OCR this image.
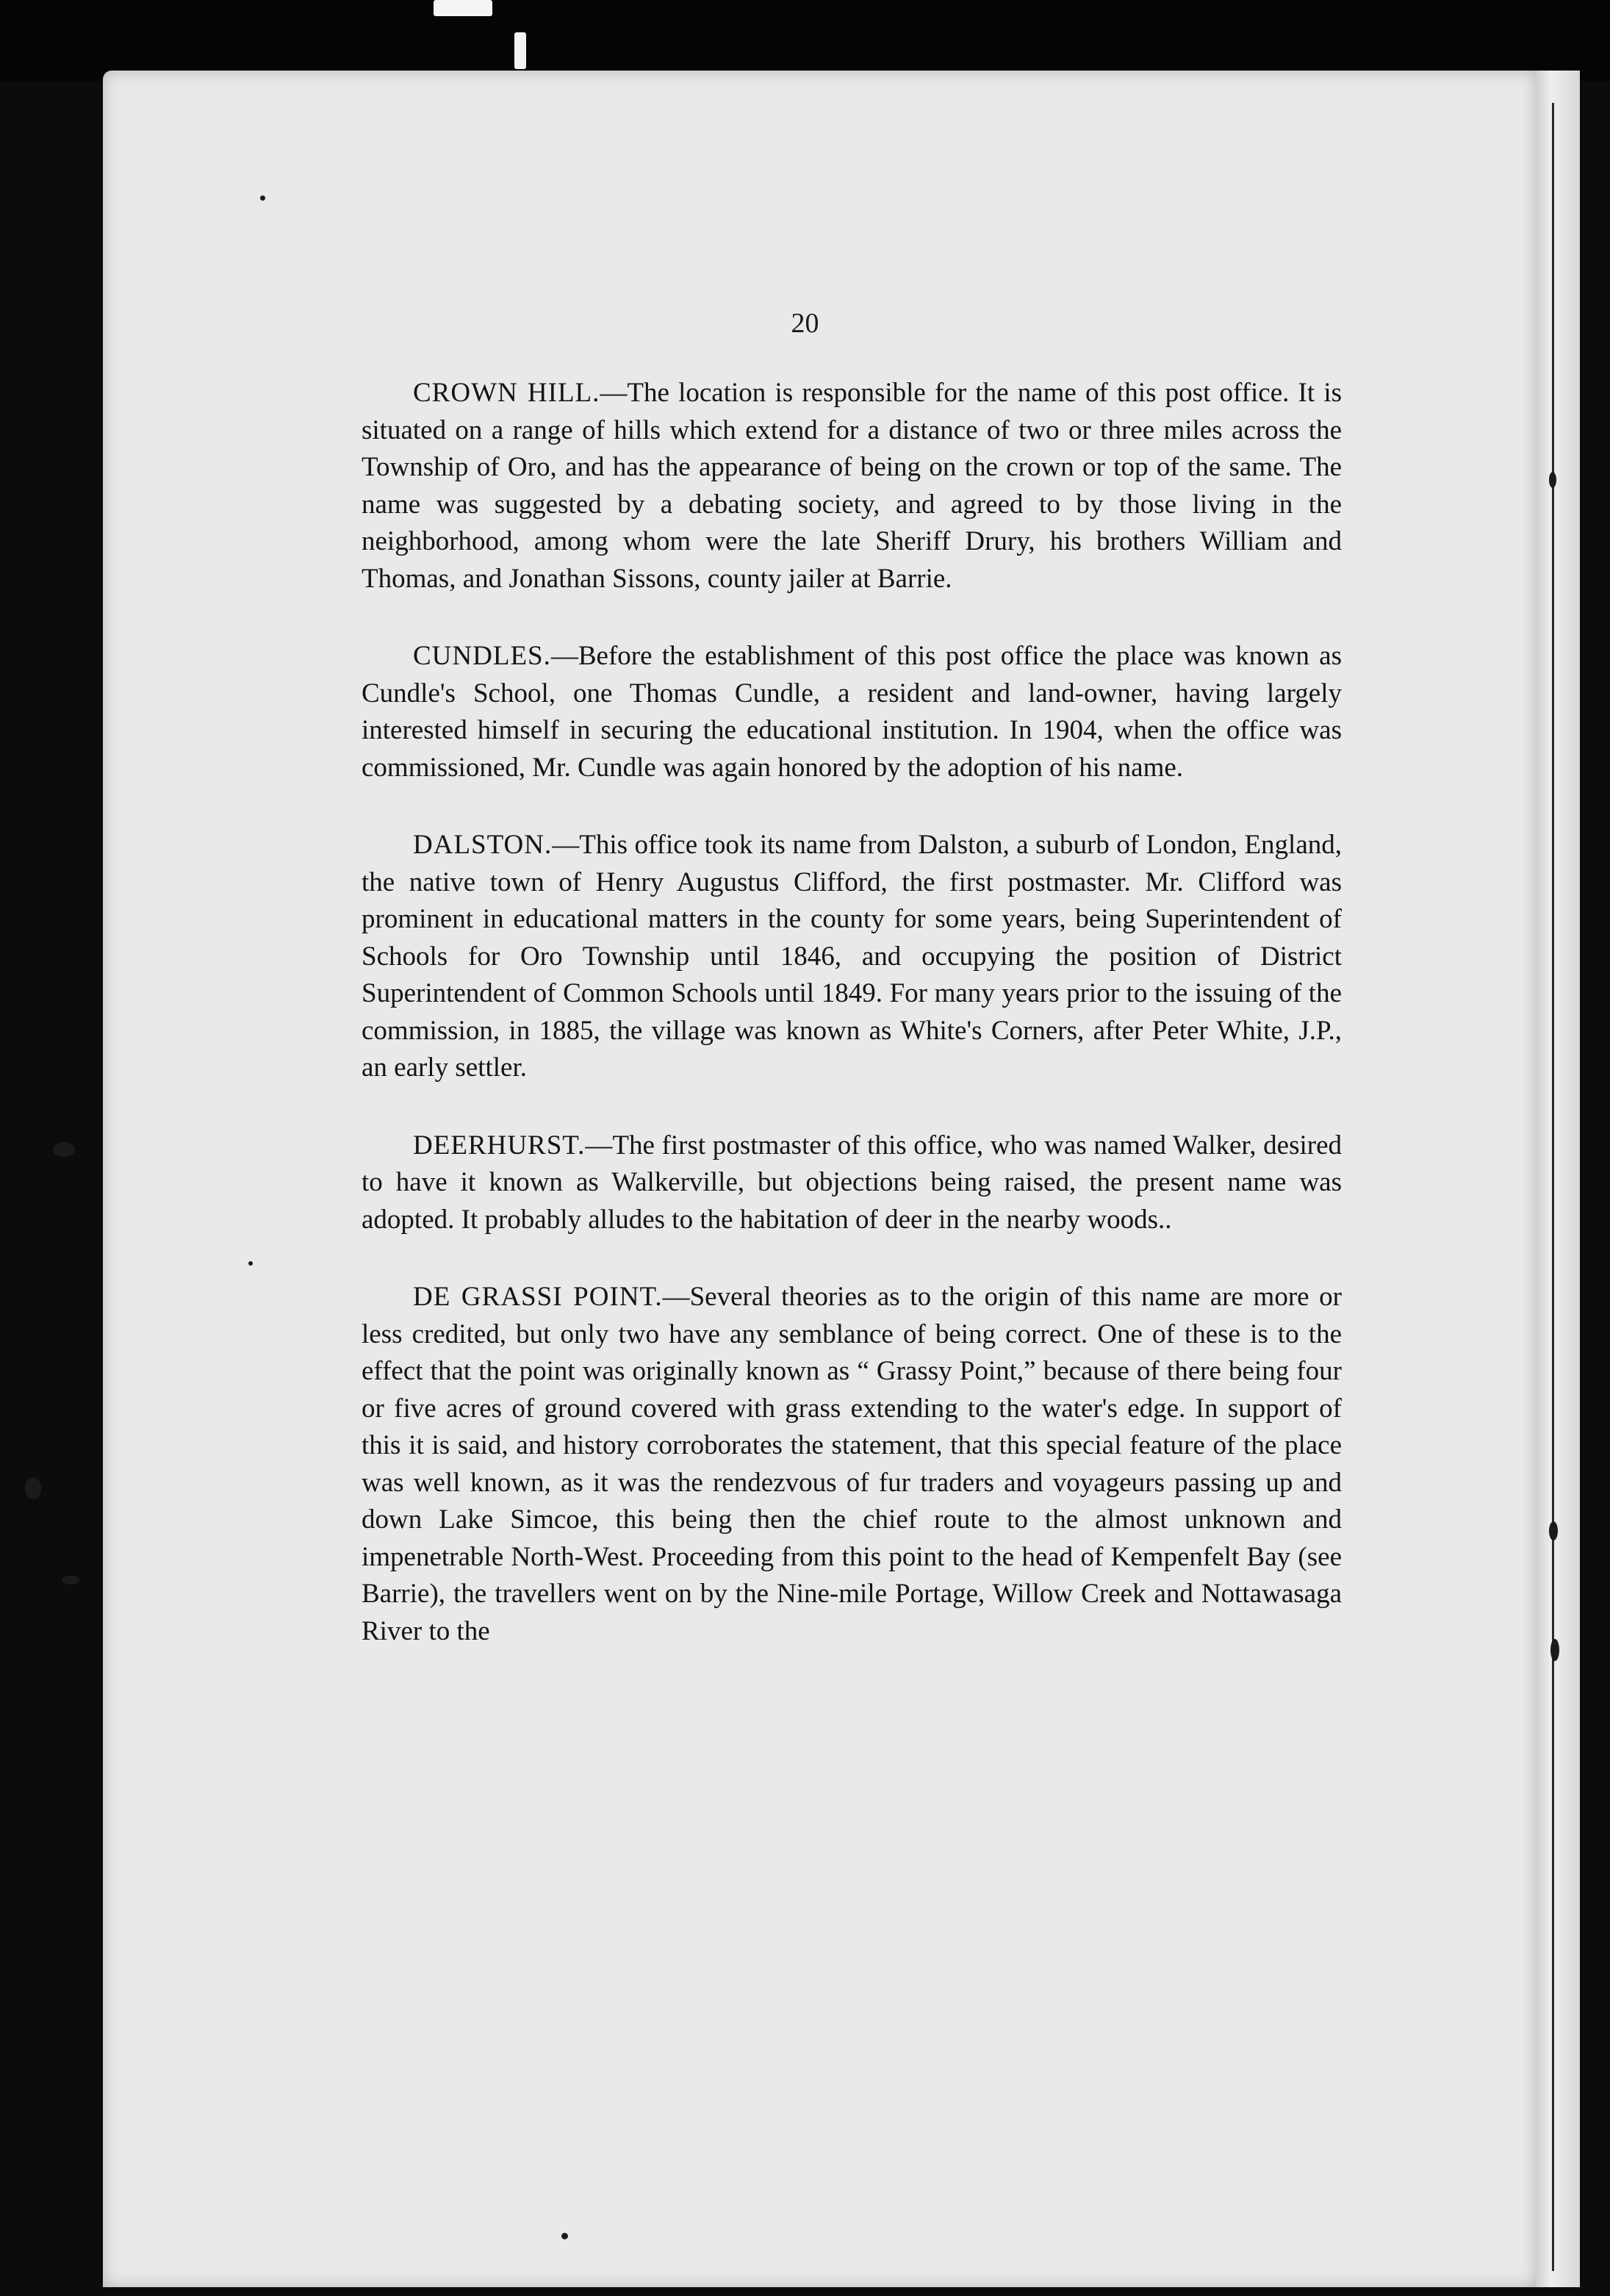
20

CROWN HILL.—The location is responsible for the name of this post office. It is situated on a range of hills which extend for a distance of two or three miles across the Township of Oro, and has the appearance of being on the crown or top of the same. The name was suggested by a debating society, and agreed to by those living in the neighborhood, among whom were the late Sheriff Drury, his brothers William and Thomas, and Jonathan Sissons, county jailer at Barrie.

CUNDLES.—Before the establishment of this post office the place was known as Cundle's School, one Thomas Cundle, a resident and land-owner, having largely interested himself in securing the educational institution. In 1904, when the office was commissioned, Mr. Cundle was again honored by the adoption of his name.

DALSTON.—This office took its name from Dalston, a suburb of London, England, the native town of Henry Augustus Clifford, the first postmaster. Mr. Clifford was prominent in educational matters in the county for some years, being Superintendent of Schools for Oro Township until 1846, and occupying the position of District Superintendent of Common Schools until 1849. For many years prior to the issuing of the commission, in 1885, the village was known as White's Corners, after Peter White, J.P., an early settler.

DEERHURST.—The first postmaster of this office, who was named Walker, desired to have it known as Walkerville, but objections being raised, the present name was adopted. It probably alludes to the habitation of deer in the nearby woods..

DE GRASSI POINT.—Several theories as to the origin of this name are more or less credited, but only two have any semblance of being correct. One of these is to the effect that the point was originally known as “ Grassy Point,” because of there being four or five acres of ground covered with grass extending to the water's edge. In support of this it is said, and history corroborates the statement, that this special feature of the place was well known, as it was the rendezvous of fur traders and voyageurs passing up and down Lake Simcoe, this being then the chief route to the almost unknown and impenetrable North-West. Proceeding from this point to the head of Kempenfelt Bay (see Barrie), the travellers went on by the Nine-mile Portage, Willow Creek and Nottawasaga River to the
